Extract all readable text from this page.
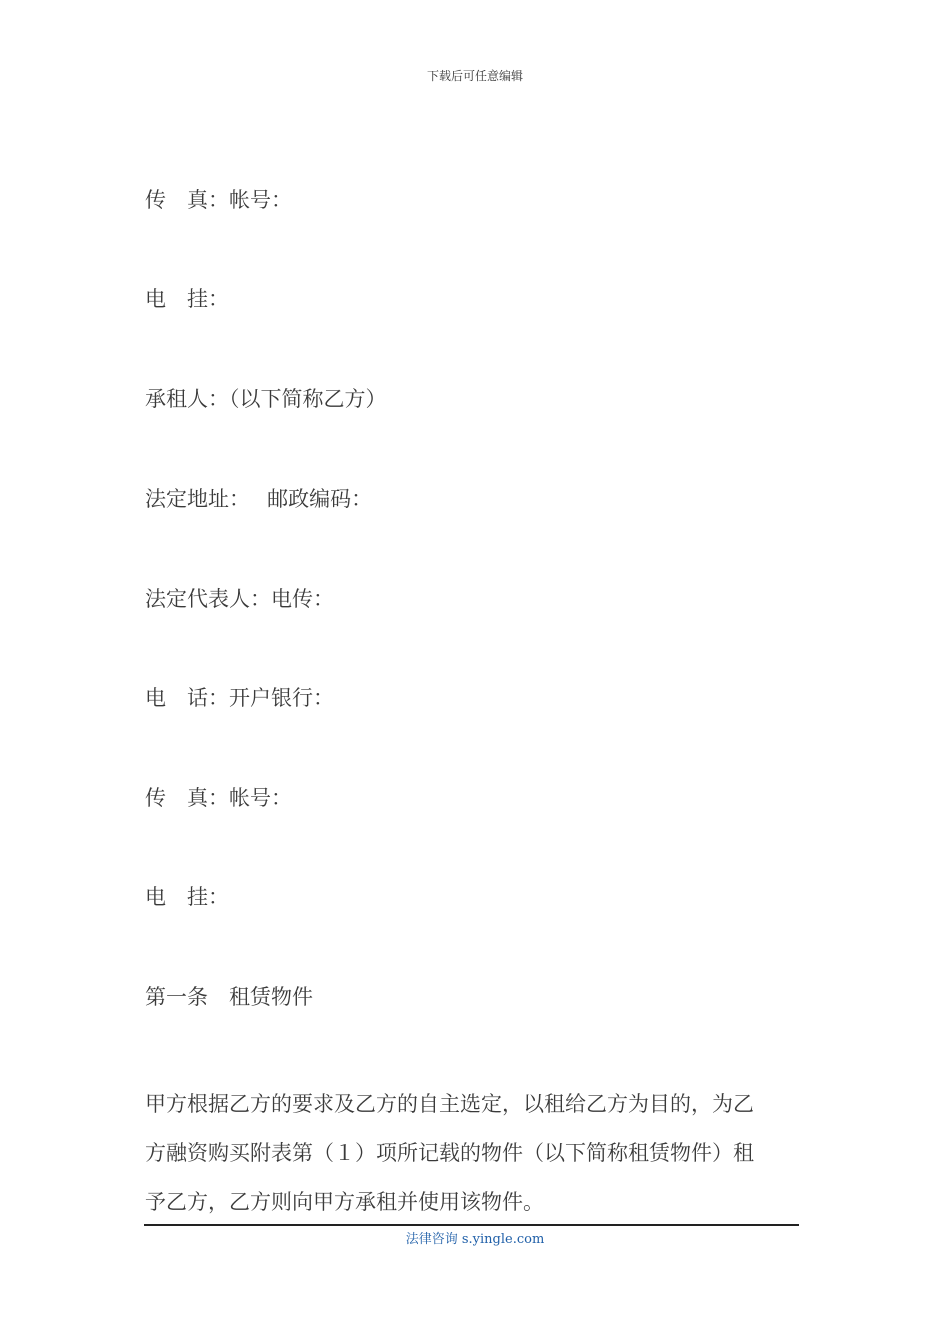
下载后可任意编辑
传　真：帐号：
电　挂：
承租人：（以下简称乙方）
法定地址：　 邮政编码：
法定代表人：电传：
电　话：开户银行：
传　真：帐号：
电　挂：
第一条　租赁物件
甲方根据乙方的要求及乙方的自主选定，以租给乙方为目的，为乙
方融资购买附表第（１）项所记载的物件（以下简称租赁物件）租
予乙方，乙方则向甲方承租并使用该物件。
法律咨询 s.yingle.com
